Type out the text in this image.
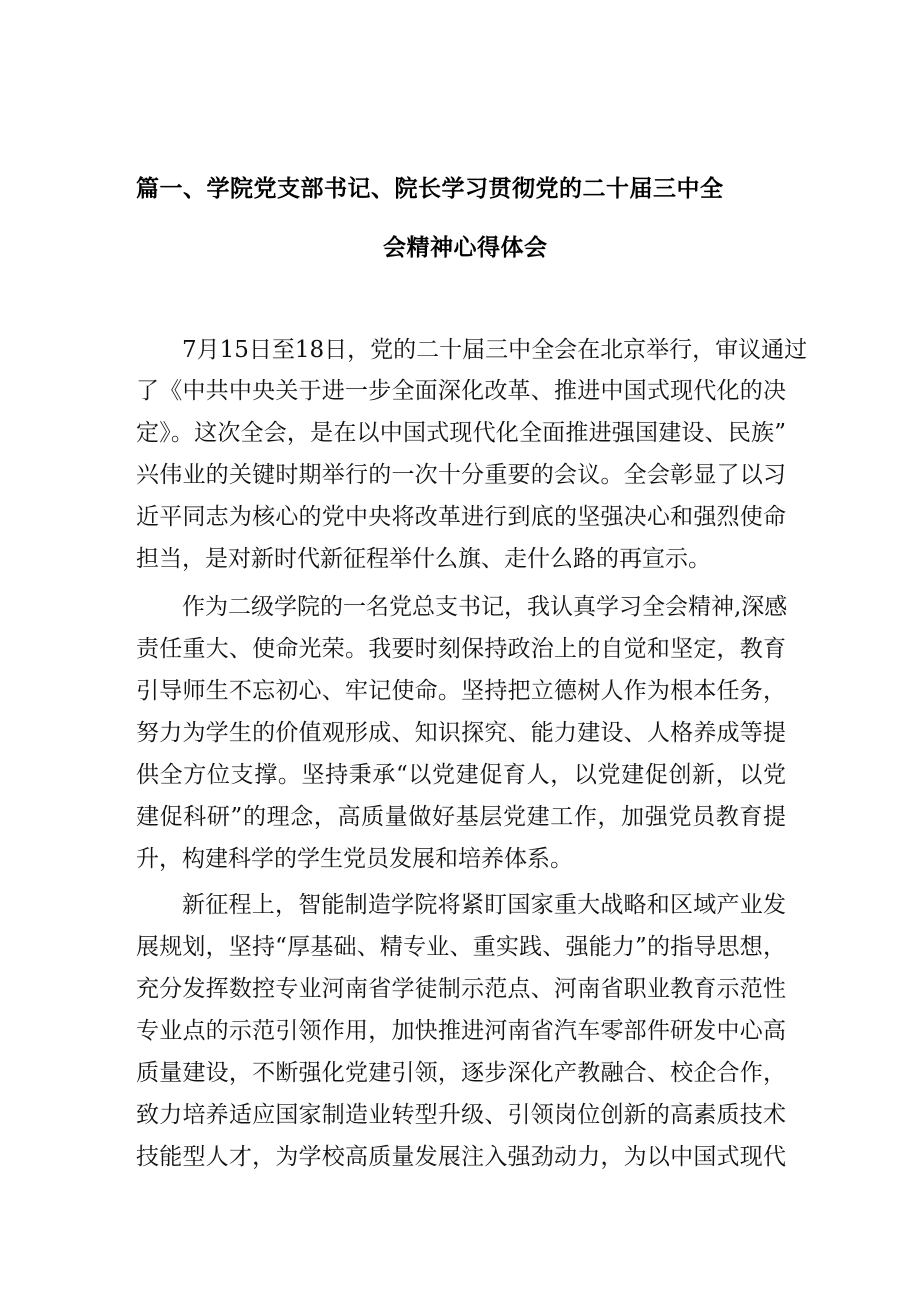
篇一、学院党支部书记、院长学习贯彻党的二十届三中全
会精神心得体会
7月15日至18日，党的二十届三中全会在北京举行，审议通过
了《中共中央关于进一步全面深化改革、推进中国式现代化的决
定》。这次全会，是在以中国式现代化全面推进强国建设、民族”
兴伟业的关键时期举行的一次十分重要的会议。全会彰显了以习
近平同志为核心的党中央将改革进行到底的坚强决心和强烈使命
担当，是对新时代新征程举什么旗、走什么路的再宣示。
作为二级学院的一名党总支书记，我认真学习全会精神,深感
责任重大、使命光荣。我要时刻保持政治上的自觉和坚定，教育
引导师生不忘初心、牢记使命。坚持把立德树人作为根本任务，
努力为学生的价值观形成、知识探究、能力建设、人格养成等提
供全方位支撑。坚持秉承“以党建促育人，以党建促创新，以党
建促科研”的理念，高质量做好基层党建工作，加强党员教育提
升，构建科学的学生党员发展和培养体系。
新征程上，智能制造学院将紧盯国家重大战略和区域产业发
展规划，坚持“厚基础、精专业、重实践、强能力”的指导思想，
充分发挥数控专业河南省学徒制示范点、河南省职业教育示范性
专业点的示范引领作用，加快推进河南省汽车零部件研发中心高
质量建设，不断强化党建引领，逐步深化产教融合、校企合作，
致力培养适应国家制造业转型升级、引领岗位创新的高素质技术
技能型人才，为学校高质量发展注入强劲动力，为以中国式现代
